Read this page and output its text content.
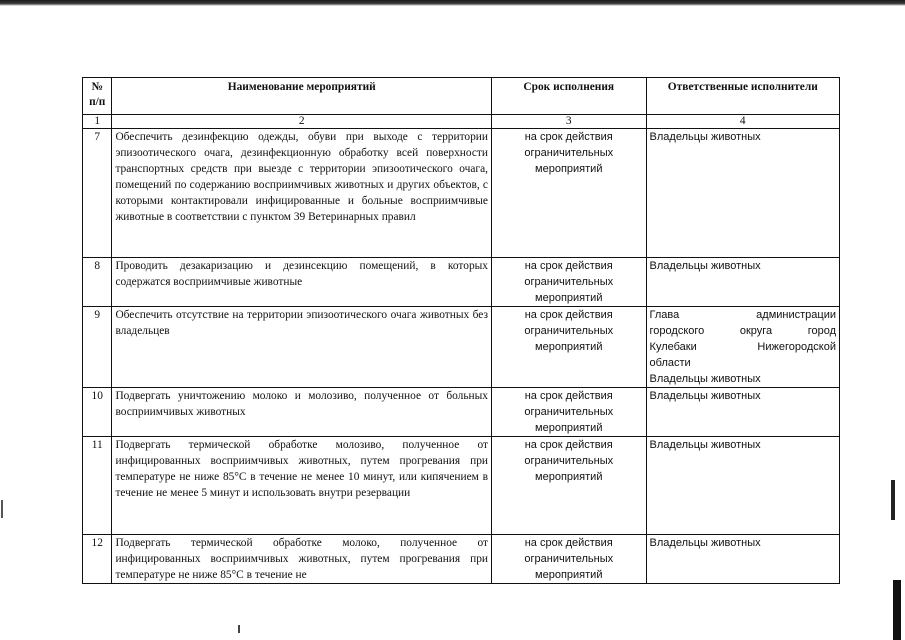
№ п/п	Наименование мероприятий	Срок исполнения	Ответственные исполнители
1	2	3	4
7	Обеспечить дезинфекцию одежды, обуви при выходе с территории эпизоотического очага, дезинфекционную обработку всей поверхности транспортных средств при выезде с территории эпизоотического очага, помещений по содержанию восприимчивых животных и других объектов, с которыми контактировали инфицированные и больные восприимчивые животные в соответствии с пунктом 39 Ветеринарных правил	на срок действия ограничительных мероприятий	Владельцы животных
8	Проводить дезакаризацию и дезинсекцию помещений, в которых содержатся восприимчивые животные	на срок действия ограничительных мероприятий	Владельцы животных
9	Обеспечить отсутствие на территории эпизоотического очага животных без владельцев	на срок действия ограничительных мероприятий	Глава администрации
городского округа город
Кулебаки Нижегородской
области
Владельцы животных

10	Подвергать уничтожению молоко и молозиво, полученное от больных восприимчивых животных	на срок действия ограничительных мероприятий	Владельцы животных
11	Подвергать термической обработке молозиво, полученное от инфицированных восприимчивых животных, путем прогревания при температуре не ниже 85°С в течение не менее 10 минут, или кипячением в течение не менее 5 минут и использовать внутри резервации	на срок действия ограничительных мероприятий	Владельцы животных
12	Подвергать термической обработке молоко, полученное от инфицированных восприимчивых животных, путем прогревания при температуре не ниже 85°С в течение не	на срок действия ограничительных мероприятий	Владельцы животных
